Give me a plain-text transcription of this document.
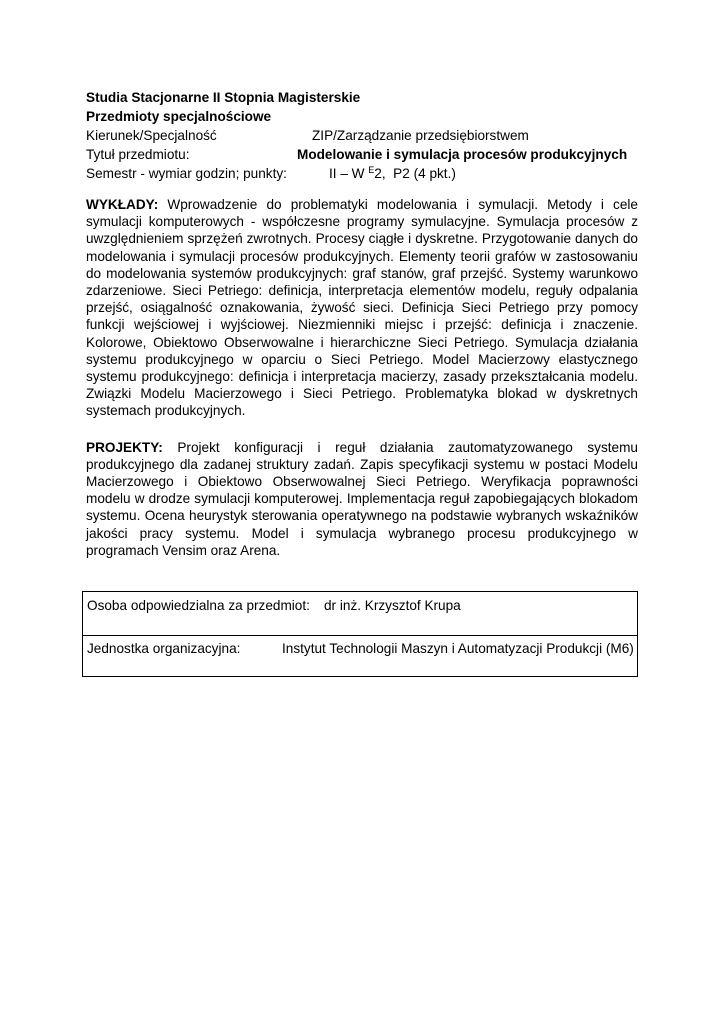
Studia Stacjonarne II Stopnia Magisterskie
Przedmioty specjalnościowe
Kierunek/Specjalność	ZIP/Zarządzanie przedsiębiorstwem
Tytuł przedmiotu:	Modelowanie i symulacja procesów produkcyjnych
Semestr - wymiar godzin; punkty:	II – W $^E$2,  P2 (4 pkt.)

WYKŁADY: Wprowadzenie do problematyki modelowania i symulacji. Metody i cele symulacji komputerowych - współczesne programy symulacyjne. Symulacja procesów z uwzględnieniem sprzężeń zwrotnych. Procesy ciągłe i dyskretne. Przygotowanie danych do modelowania i symulacji procesów produkcyjnych. Elementy teorii grafów w zastosowaniu do modelowania systemów produkcyjnych: graf stanów, graf przejść. Systemy warunkowo zdarzeniowe. Sieci Petriego: definicja, interpretacja elementów modelu, reguły odpalania przejść, osiągalność oznakowania, żywość sieci. Definicja Sieci Petriego przy pomocy funkcji wejściowej i wyjściowej. Niezmienniki miejsc i przejść: definicja i znaczenie. Kolorowe, Obiektowo Obserwowalne i hierarchiczne Sieci Petriego. Symulacja działania systemu produkcyjnego w oparciu o Sieci Petriego. Model Macierzowy elastycznego systemu produkcyjnego: definicja i interpretacja macierzy, zasady przekształcania modelu. Związki Modelu Macierzowego i Sieci Petriego. Problematyka blokad w dyskretnych systemach produkcyjnych.

PROJEKTY: Projekt konfiguracji i reguł działania zautomatyzowanego systemu produkcyjnego dla zadanej struktury zadań. Zapis specyfikacji systemu w postaci Modelu Macierzowego i Obiektowo Obserwowalnej Sieci Petriego. Weryfikacja poprawności modelu w drodze symulacji komputerowej. Implementacja reguł zapobiegających blokadom systemu. Ocena heurystyk sterowania operatywnego na podstawie wybranych wskaźników jakości pracy systemu. Model i symulacja wybranego procesu produkcyjnego w programach Vensim oraz Arena.

Osoba odpowiedzialna za przedmiot: dr inż. Krzysztof Krupa
Jednostka organizacyjna:	Instytut Technologii Maszyn i Automatyzacji Produkcji (M6)
